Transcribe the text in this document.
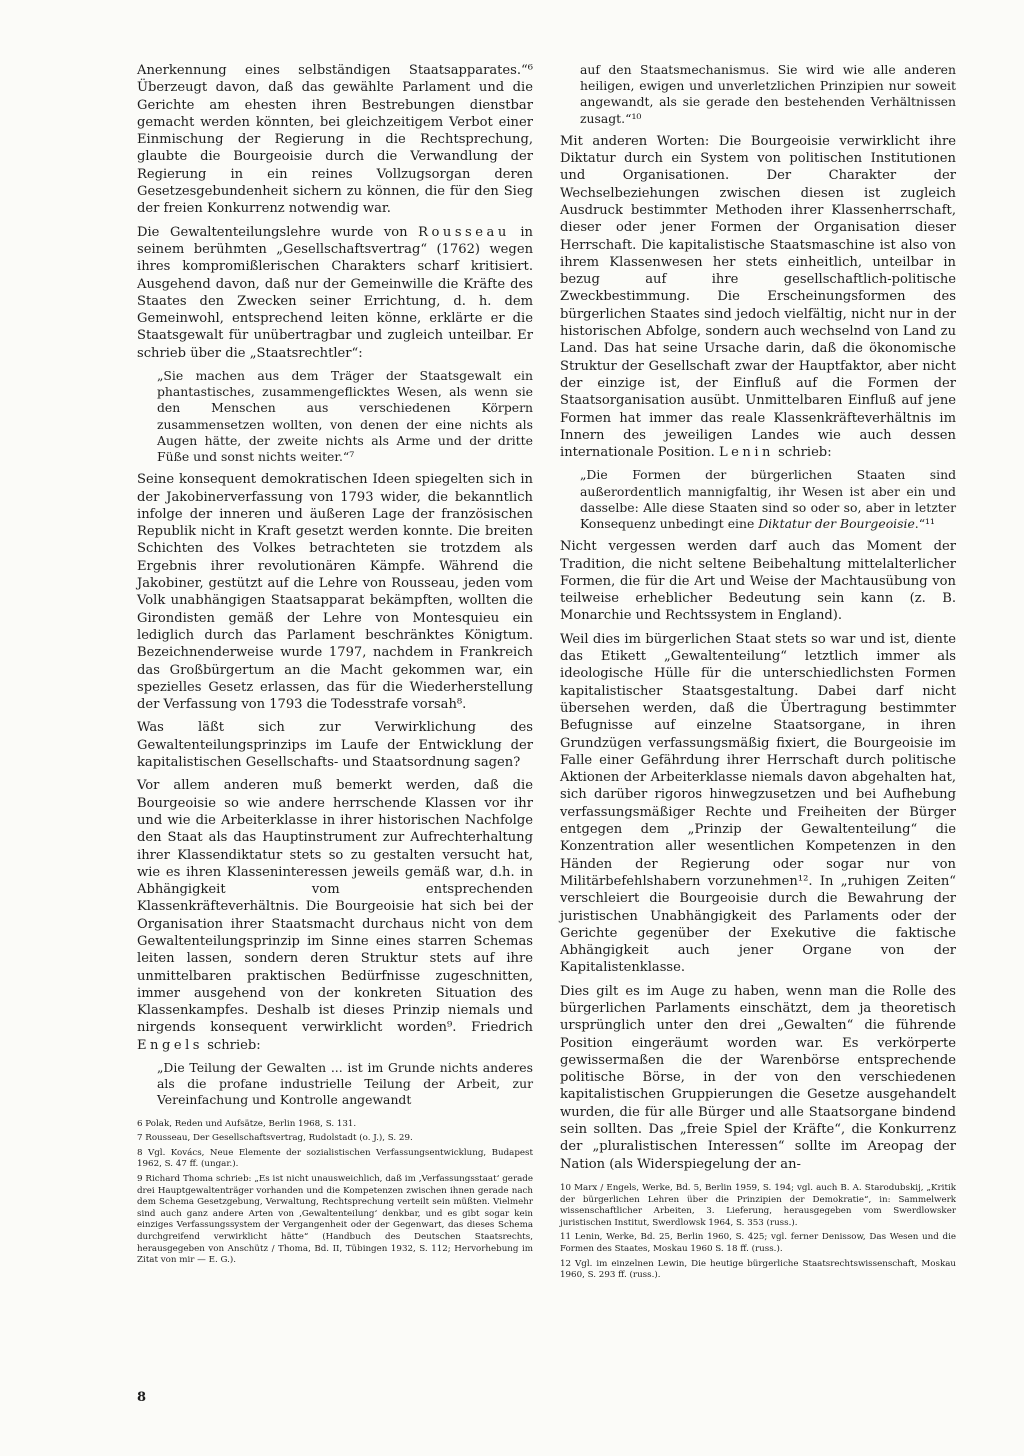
Anerkennung eines selbständigen Staatsapparates.“⁶ Überzeugt davon, daß das gewählte Parlament und die Gerichte am ehesten ihren Bestrebungen dienstbar gemacht werden könnten, bei gleichzeitigem Verbot einer Einmischung der Regierung in die Rechtsprechung, glaubte die Bourgeoisie durch die Verwandlung der Regierung in ein reines Vollzugsorgan deren Gesetzesgebundenheit sichern zu können, die für den Sieg der freien Konkurrenz notwendig war.

Die Gewaltenteilungslehre wurde von Rousseau in seinem berühmten „Gesellschaftsvertrag“ (1762) wegen ihres kompromißlerischen Charakters scharf kritisiert. Ausgehend davon, daß nur der Gemeinwille die Kräfte des Staates den Zwecken seiner Errichtung, d. h. dem Gemeinwohl, entsprechend leiten könne, erklärte er die Staatsgewalt für unübertragbar und zugleich unteilbar. Er schrieb über die „Staatsrechtler“:

„Sie machen aus dem Träger der Staatsgewalt ein phantastisches, zusammengeflicktes Wesen, als wenn sie den Menschen aus verschiedenen Körpern zusammensetzen wollten, von denen der eine nichts als Augen hätte, der zweite nichts als Arme und der dritte Füße und sonst nichts weiter.“⁷

Seine konsequent demokratischen Ideen spiegelten sich in der Jakobinerverfassung von 1793 wider, die bekanntlich infolge der inneren und äußeren Lage der französischen Republik nicht in Kraft gesetzt werden konnte. Die breiten Schichten des Volkes betrachteten sie trotzdem als Ergebnis ihrer revolutionären Kämpfe. Während die Jakobiner, gestützt auf die Lehre von Rousseau, jeden vom Volk unabhängigen Staatsapparat bekämpften, wollten die Girondisten gemäß der Lehre von Montesquieu ein lediglich durch das Parlament beschränktes Königtum. Bezeichnenderweise wurde 1797, nachdem in Frankreich das Großbürgertum an die Macht gekommen war, ein spezielles Gesetz erlassen, das für die Wiederherstellung der Verfassung von 1793 die Todesstrafe vorsah⁸.

Was läßt sich zur Verwirklichung des Gewaltenteilungsprinzips im Laufe der Entwicklung der kapitalistischen Gesellschafts- und Staatsordnung sagen?

Vor allem anderen muß bemerkt werden, daß die Bourgeoisie so wie andere herrschende Klassen vor ihr und wie die Arbeiterklasse in ihrer historischen Nachfolge den Staat als das Hauptinstrument zur Aufrechterhaltung ihrer Klassendiktatur stets so zu gestalten versucht hat, wie es ihren Klasseninteressen jeweils gemäß war, d.h. in Abhängigkeit vom entsprechenden Klassenkräfteverhältnis. Die Bourgeoisie hat sich bei der Organisation ihrer Staatsmacht durchaus nicht von dem Gewaltenteilungsprinzip im Sinne eines starren Schemas leiten lassen, sondern deren Struktur stets auf ihre unmittelbaren praktischen Bedürfnisse zugeschnitten, immer ausgehend von der konkreten Situation des Klassenkampfes. Deshalb ist dieses Prinzip niemals und nirgends konsequent verwirklicht worden⁹. Friedrich Engels schrieb:

„Die Teilung der Gewalten ... ist im Grunde nichts anderes als die profane industrielle Teilung der Arbeit, zur Vereinfachung und Kontrolle angewandt

6 Polak, Reden und Aufsätze, Berlin 1968, S. 131.

7 Rousseau, Der Gesellschaftsvertrag, Rudolstadt (o. J.), S. 29.

8 Vgl. Kovács, Neue Elemente der sozialistischen Verfassungsentwicklung, Budapest 1962, S. 47 ff. (ungar.).

9 Richard Thoma schrieb: „Es ist nicht unausweichlich, daß im ‚Verfassungsstaat‘ gerade drei Hauptgewaltenträger vorhanden und die Kompetenzen zwischen ihnen gerade nach dem Schema Gesetzgebung, Verwaltung, Rechtsprechung verteilt sein müßten. Vielmehr sind auch ganz andere Arten von ‚Gewaltenteilung‘ denkbar, und es gibt sogar kein einziges Verfassungssystem der Vergangenheit oder der Gegenwart, das dieses Schema durchgreifend verwirklicht hätte“ (Handbuch des Deutschen Staatsrechts, herausgegeben von Anschütz / Thoma, Bd. II, Tübingen 1932, S. 112; Hervorhebung im Zitat von mir — E. G.).

auf den Staatsmechanismus. Sie wird wie alle anderen heiligen, ewigen und unverletzlichen Prinzipien nur soweit angewandt, als sie gerade den bestehenden Verhältnissen zusagt.“¹⁰

Mit anderen Worten: Die Bourgeoisie verwirklicht ihre Diktatur durch ein System von politischen Institutionen und Organisationen. Der Charakter der Wechselbeziehungen zwischen diesen ist zugleich Ausdruck bestimmter Methoden ihrer Klassenherrschaft, dieser oder jener Formen der Organisation dieser Herrschaft. Die kapitalistische Staatsmaschine ist also von ihrem Klassenwesen her stets einheitlich, unteilbar in bezug auf ihre gesellschaftlich-politische Zweckbestimmung. Die Erscheinungsformen des bürgerlichen Staates sind jedoch vielfältig, nicht nur in der historischen Abfolge, sondern auch wechselnd von Land zu Land. Das hat seine Ursache darin, daß die ökonomische Struktur der Gesellschaft zwar der Hauptfaktor, aber nicht der einzige ist, der Einfluß auf die Formen der Staatsorganisation ausübt. Unmittelbaren Einfluß auf jene Formen hat immer das reale Klassenkräfteverhältnis im Innern des jeweiligen Landes wie auch dessen internationale Position. Lenin schrieb:

„Die Formen der bürgerlichen Staaten sind außerordentlich mannigfaltig, ihr Wesen ist aber ein und dasselbe: Alle diese Staaten sind so oder so, aber in letzter Konsequenz unbedingt eine Diktatur der Bourgeoisie.“¹¹

Nicht vergessen werden darf auch das Moment der Tradition, die nicht seltene Beibehaltung mittelalterlicher Formen, die für die Art und Weise der Machtausübung von teilweise erheblicher Bedeutung sein kann (z. B. Monarchie und Rechtssystem in England).

Weil dies im bürgerlichen Staat stets so war und ist, diente das Etikett „Gewaltenteilung“ letztlich immer als ideologische Hülle für die unterschiedlichsten Formen kapitalistischer Staatsgestaltung. Dabei darf nicht übersehen werden, daß die Übertragung bestimmter Befugnisse auf einzelne Staatsorgane, in ihren Grundzügen verfassungsmäßig fixiert, die Bourgeoisie im Falle einer Gefährdung ihrer Herrschaft durch politische Aktionen der Arbeiterklasse niemals davon abgehalten hat, sich darüber rigoros hinwegzusetzen und bei Aufhebung verfassungsmäßiger Rechte und Freiheiten der Bürger entgegen dem „Prinzip der Gewaltenteilung“ die Konzentration aller wesentlichen Kompetenzen in den Händen der Regierung oder sogar nur von Militärbefehlshabern vorzunehmen¹². In „ruhigen Zeiten“ verschleiert die Bourgeoisie durch die Bewahrung der juristischen Unabhängigkeit des Parlaments oder der Gerichte gegenüber der Exekutive die faktische Abhängigkeit auch jener Organe von der Kapitalistenklasse.

Dies gilt es im Auge zu haben, wenn man die Rolle des bürgerlichen Parlaments einschätzt, dem ja theoretisch ursprünglich unter den drei „Gewalten“ die führende Position eingeräumt worden war. Es verkörperte gewissermaßen die der Warenbörse entsprechende politische Börse, in der von den verschiedenen kapitalistischen Gruppierungen die Gesetze ausgehandelt wurden, die für alle Bürger und alle Staatsorgane bindend sein sollten. Das „freie Spiel der Kräfte“, die Konkurrenz der „pluralistischen Interessen“ sollte im Areopag der Nation (als Widerspiegelung der an-

10 Marx / Engels, Werke, Bd. 5, Berlin 1959, S. 194; vgl. auch B. A. Starodubskij, „Kritik der bürgerlichen Lehren über die Prinzipien der Demokratie“, in: Sammelwerk wissenschaftlicher Arbeiten, 3. Lieferung, herausgegeben vom Swerdlowsker juristischen Institut, Swerdlowsk 1964, S. 353 (russ.).

11 Lenin, Werke, Bd. 25, Berlin 1960, S. 425; vgl. ferner Denissow, Das Wesen und die Formen des Staates, Moskau 1960 S. 18 ff. (russ.).

12 Vgl. im einzelnen Lewin, Die heutige bürgerliche Staatsrechtswissenschaft, Moskau 1960, S. 293 ff. (russ.).

8
